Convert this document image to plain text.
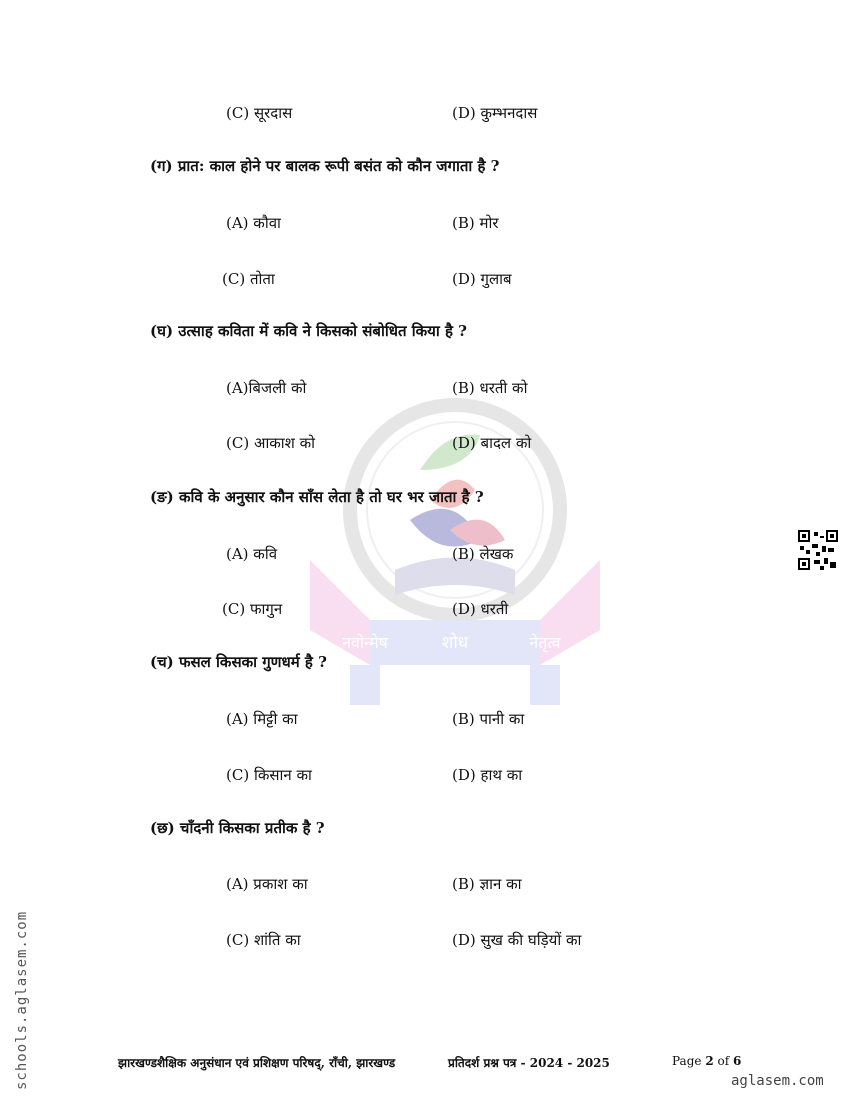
शोध
नवोन्मेष	नेतृत्व
(C) सूरदास	(D) कुम्भनदास
(ग) प्रात: काल होने पर बालक रूपी बसंत को कौन जगाता है ?
(A) कौवा	(B) मोर
(C) तोता	(D) गुलाब
(घ) उत्साह कविता में कवि ने किसको संबोधित किया है ?
(A)बिजली को	(B) धरती को
(C) आकाश को	(D) बादल को
(ङ) कवि के अनुसार कौन साँस लेता है तो घर भर जाता है ?
(A) कवि	(B) लेखक
(C) फागुन	(D) धरती
(च) फसल किसका गुणधर्म है ?
(A) मिट्टी का	(B) पानी का
(C) किसान का	(D) हाथ का
(छ) चाँदनी किसका प्रतीक है ?
(A) प्रकाश का	(B) ज्ञान का
(C) शांति का	(D) सुख की घड़ियों का
schools.aglasem.com	झारखण्डशैक्षिक अनुसंधान एवं प्रशिक्षण परिषद्, राँची, झारखण्ड	प्रतिदर्श प्रश्न पत्र - 2024 - 2025	Page 2 of 6
aglasem.com
